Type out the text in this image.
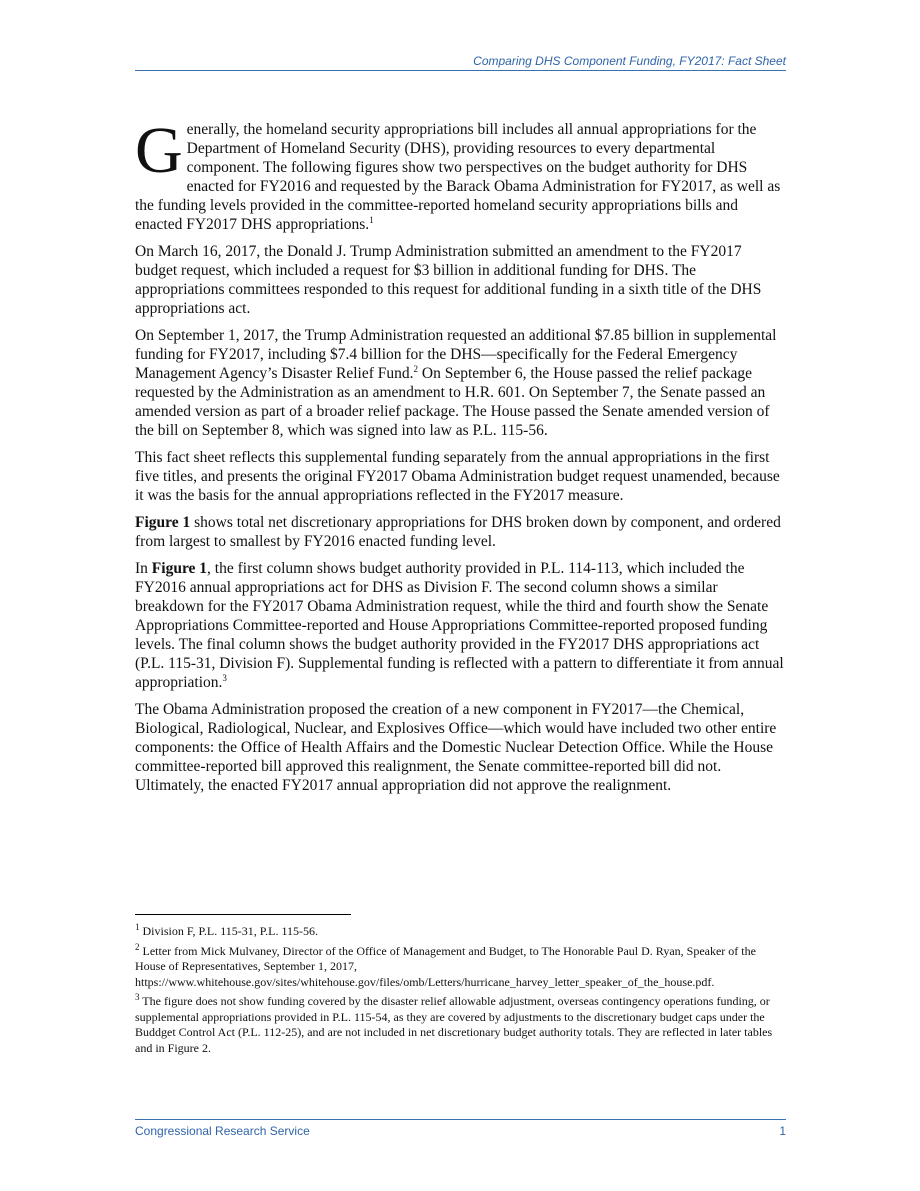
Comparing DHS Component Funding, FY2017: Fact Sheet

Generally, the homeland security appropriations bill includes all annual appropriations for the Department of Homeland Security (DHS), providing resources to every departmental component. The following figures show two perspectives on the budget authority for DHS enacted for FY2016 and requested by the Barack Obama Administration for FY2017, as well as the funding levels provided in the committee-reported homeland security appropriations bills and enacted FY2017 DHS appropriations.$^1$

On March 16, 2017, the Donald J. Trump Administration submitted an amendment to the FY2017 budget request, which included a request for $3 billion in additional funding for DHS. The appropriations committees responded to this request for additional funding in a sixth title of the DHS appropriations act.

On September 1, 2017, the Trump Administration requested an additional $7.85 billion in supplemental funding for FY2017, including $7.4 billion for the DHS—specifically for the Federal Emergency Management Agency’s Disaster Relief Fund.$^2$ On September 6, the House passed the relief package requested by the Administration as an amendment to H.R. 601. On September 7, the Senate passed an amended version as part of a broader relief package. The House passed the Senate amended version of the bill on September 8, which was signed into law as P.L. 115-56.

This fact sheet reflects this supplemental funding separately from the annual appropriations in the first five titles, and presents the original FY2017 Obama Administration budget request unamended, because it was the basis for the annual appropriations reflected in the FY2017 measure.

Figure 1 shows total net discretionary appropriations for DHS broken down by component, and ordered from largest to smallest by FY2016 enacted funding level.

In Figure 1, the first column shows budget authority provided in P.L. 114-113, which included the FY2016 annual appropriations act for DHS as Division F. The second column shows a similar breakdown for the FY2017 Obama Administration request, while the third and fourth show the Senate Appropriations Committee-reported and House Appropriations Committee-reported proposed funding levels. The final column shows the budget authority provided in the FY2017 DHS appropriations act (P.L. 115-31, Division F). Supplemental funding is reflected with a pattern to differentiate it from annual appropriation.$^3$

The Obama Administration proposed the creation of a new component in FY2017—the Chemical, Biological, Radiological, Nuclear, and Explosives Office—which would have included two other entire components: the Office of Health Affairs and the Domestic Nuclear Detection Office. While the House committee-reported bill approved this realignment, the Senate committee-reported bill did not. Ultimately, the enacted FY2017 annual appropriation did not approve the realignment.

$^1$ Division F, P.L. 115-31, P.L. 115-56.

$^2$ Letter from Mick Mulvaney, Director of the Office of Management and Budget, to The Honorable Paul D. Ryan, Speaker of the House of Representatives, September 1, 2017, https://www.whitehouse.gov/sites/whitehouse.gov/files/omb/Letters/hurricane_harvey_letter_speaker_of_the_house.pdf.

$^3$ The figure does not show funding covered by the disaster relief allowable adjustment, overseas contingency operations funding, or supplemental appropriations provided in P.L. 115-54, as they are covered by adjustments to the discretionary budget caps under the Buddget Control Act (P.L. 112-25), and are not included in net discretionary budget authority totals. They are reflected in later tables and in Figure 2.

Congressional Research Service	1
